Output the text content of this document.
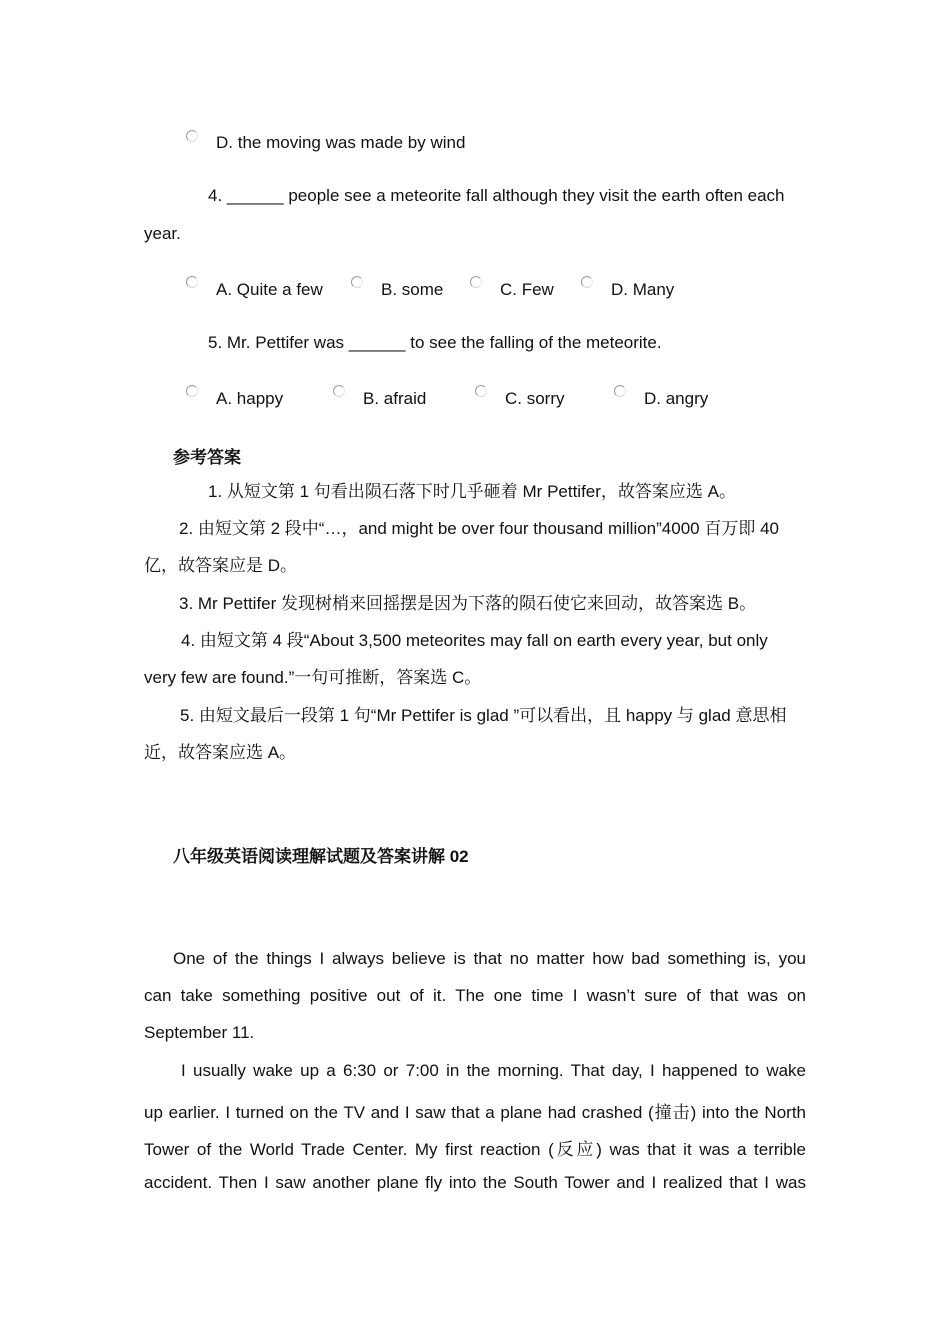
D. the moving was made by wind
4. ______ people see a meteorite fall although they visit the earth often each
year.
A. Quite a few	B. some	C. Few	D. Many
5. Mr. Pettifer was ______ to see the falling of the meteorite.
A. happy	B. afraid	C. sorry	D. angry
参考答案
1. 从短文第 1 句看出陨石落下时几乎砸着 Mr Pettifer，故答案应选 A。
2. 由短文第 2 段中“…，and might be over four thousand million”4000 百万即 40
亿，故答案应是 D。
3. Mr Pettifer 发现树梢来回摇摆是因为下落的陨石使它来回动，故答案选 B。
4. 由短文第 4 段“About 3,500 meteorites may fall on earth every year, but only
very few are found.”一句可推断，答案选 C。
5. 由短文最后一段第 1 句“Mr Pettifer is glad ”可以看出，且 happy 与 glad 意思相
近，故答案应选 A。
八年级英语阅读理解试题及答案讲解 02
One of the things I always believe is that no matter how bad something is, you
can take something positive out of it. The one time I wasn’t sure of that was on
September 11.
I usually wake up a 6:30 or 7:00 in the morning. That day, I happened to wake
up earlier. I turned on the TV and I saw that a plane had crashed (撞击) into the North
Tower of the World Trade Center. My first reaction (反应) was that it was a terrible
accident. Then I saw another plane fly into the South Tower and I realized that I was
